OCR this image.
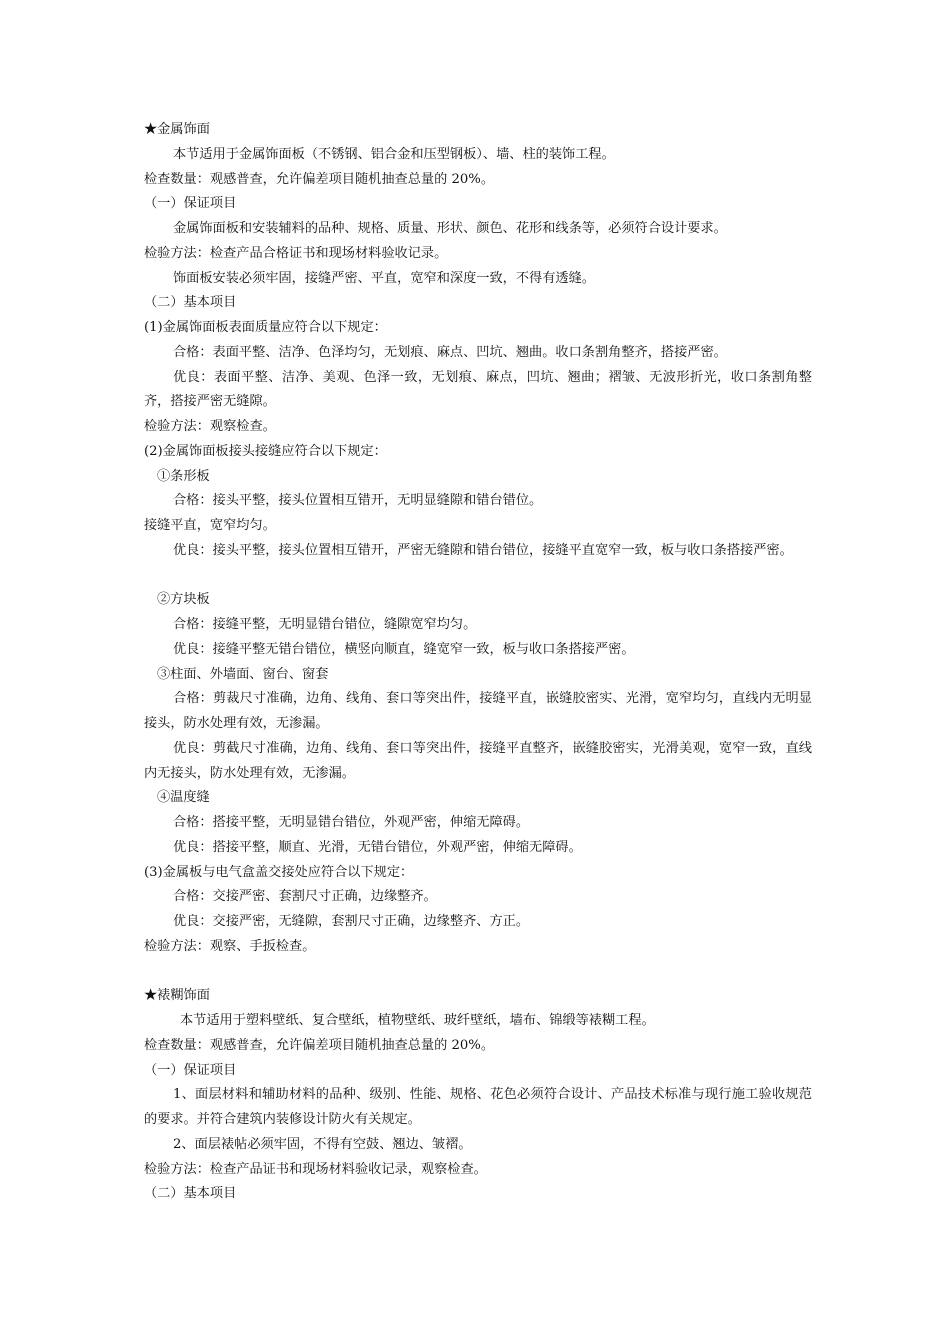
★金属饰面
本节适用于金属饰面板（不锈钢、铝合金和压型钢板）、墙、柱的装饰工程。
检查数量：观感普查，允许偏差项目随机抽查总量的 20%。
（一）保证项目
金属饰面板和安装辅料的品种、规格、质量、形状、颜色、花形和线条等，必须符合设计要求。
检验方法：检查产品合格证书和现场材料验收记录。
饰面板安装必须牢固，接缝严密、平直，宽窄和深度一致，不得有透缝。
（二）基本项目
(1)金属饰面板表面质量应符合以下规定：
合格：表面平整、洁净、色泽均匀，无划痕、麻点、凹坑、翘曲。收口条割角整齐，搭接严密。
优良：表面平整、洁净、美观、色泽一致，无划痕、麻点，凹坑、翘曲；褶皱、无波形折光，收口条割角整齐，搭接严密无缝隙。
检验方法：观察检查。
(2)金属饰面板接头接缝应符合以下规定：
①条形板
合格：接头平整，接头位置相互错开，无明显缝隙和错台错位。
接缝平直，宽窄均匀。
优良：接头平整，接头位置相互错开，严密无缝隙和错台错位，接缝平直宽窄一致，板与收口条搭接严密。
②方块板
合格：接缝平整，无明显错台错位，缝隙宽窄均匀。
优良：接缝平整无错台错位，横竖向顺直，缝宽窄一致，板与收口条搭接严密。
③柱面、外墙面、窗台、窗套
合格：剪裁尺寸准确，边角、线角、套口等突出件，接缝平直，嵌缝胶密实、光滑，宽窄均匀，直线内无明显接头，防水处理有效，无渗漏。
优良：剪截尺寸准确，边角、线角、套口等突出件，接缝平直整齐，嵌缝胶密实，光滑美观，宽窄一致，直线内无接头，防水处理有效，无渗漏。
④温度缝
合格：搭接平整，无明显错台错位，外观严密，伸缩无障碍。
优良：搭接平整，顺直、光滑，无错台错位，外观严密，伸缩无障碍。
(3)金属板与电气盒盖交接处应符合以下规定：
合格：交接严密、套割尺寸正确，边缘整齐。
优良：交接严密，无缝隙，套割尺寸正确，边缘整齐、方正。
检验方法：观察、手扳检查。
★裱糊饰面
本节适用于塑料壁纸、复合壁纸，植物壁纸、玻纤壁纸，墙布、锦缎等裱糊工程。
检查数量：观感普查，允许偏差项目随机抽查总量的 20%。
（一）保证项目
1、面层材料和辅助材料的品种、级别、性能、规格、花色必须符合设计、产品技术标准与现行施工验收规范的要求。并符合建筑内装修设计防火有关规定。
2、面层裱帖必须牢固，不得有空鼓、翘边、皱褶。
检验方法：检查产品证书和现场材料验收记录，观察检查。
（二）基本项目
